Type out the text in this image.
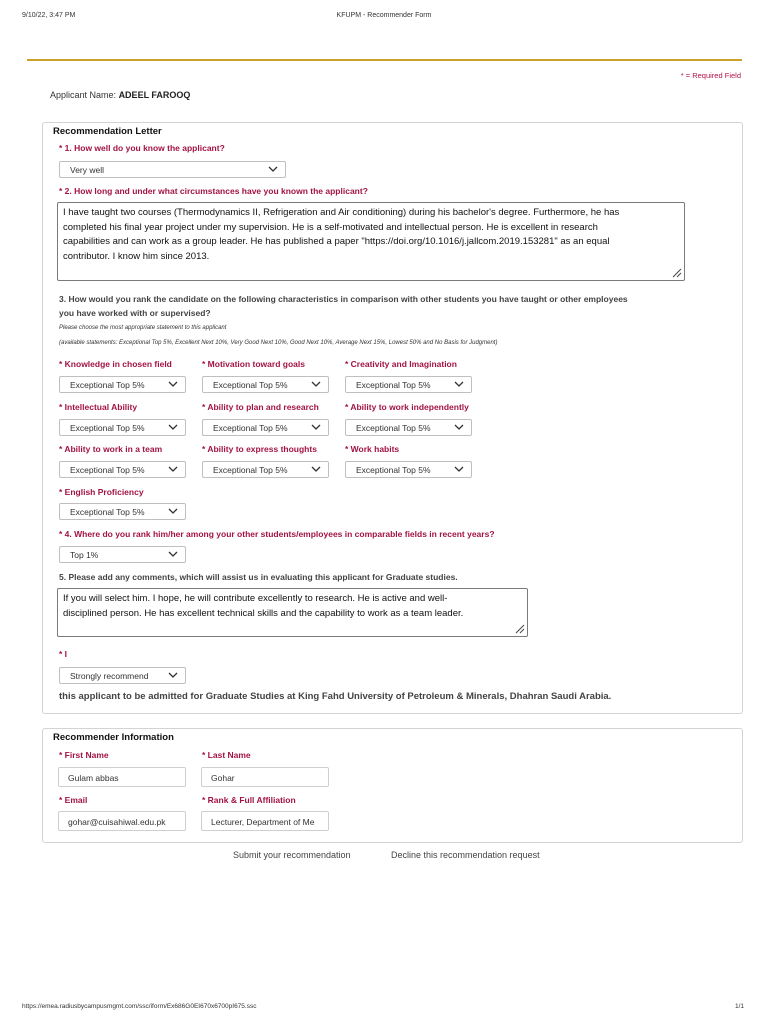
9/10/22, 3:47 PM	KFUPM - Recommender Form
* = Required Field
Applicant Name: ADEEL FAROOQ
Recommendation Letter
* 1. How well do you know the applicant?
Very well
* 2. How long and under what circumstances have you known the applicant?
I have taught two courses (Thermodynamics II, Refrigeration and Air conditioning) during his bachelor's degree. Furthermore, he has
completed his final year project under my supervision. He is a self-motivated and intellectual person. He is excellent in research
capabilities and can work as a group leader. He has published a paper "https://doi.org/10.1016/j.jallcom.2019.153281" as an equal
contributor. I know him since 2013.
3. How would you rank the candidate on the following characteristics in comparison with other students you have taught or other employees
you have worked with or supervised?
Please choose the most appropriate statement to this applicant
(available statements: Exceptional Top 5%, Excellent Next 10%, Very Good Next 10%, Good Next 10%, Average Next 15%, Lowest 50% and No Basis for Judgment)
* Knowledge in chosen field	* Motivation toward goals	* Creativity and Imagination
Exceptional Top 5%	Exceptional Top 5%	Exceptional Top 5%
* Intellectual Ability	* Ability to plan and research	* Ability to work independently
Exceptional Top 5%	Exceptional Top 5%	Exceptional Top 5%
* Ability to work in a team	* Ability to express thoughts	* Work habits
Exceptional Top 5%	Exceptional Top 5%	Exceptional Top 5%
* English Proficiency
Exceptional Top 5%
* 4. Where do you rank him/her among your other students/employees in comparable fields in recent years?
Top 1%
5. Please add any comments, which will assist us in evaluating this applicant for Graduate studies.
If you will select him. I hope, he will contribute excellently to research. He is active and well-
disciplined person. He has excellent technical skills and the capability to work as a team leader.
* I
Strongly recommend
this applicant to be admitted for Graduate Studies at King Fahd University of Petroleum & Minerals, Dhahran Saudi Arabia.
Recommender Information
* First Name	* Last Name
Gulam abbas	Gohar
* Email	* Rank & Full Affiliation
gohar@cuisahiwal.edu.pk	Lecturer, Department of Me
Submit your recommendation	Decline this recommendation request
https://emea.radiusbycampusmgmt.com/ssc/iform/Ex686G0EI670x6700pI675.ssc	1/1
